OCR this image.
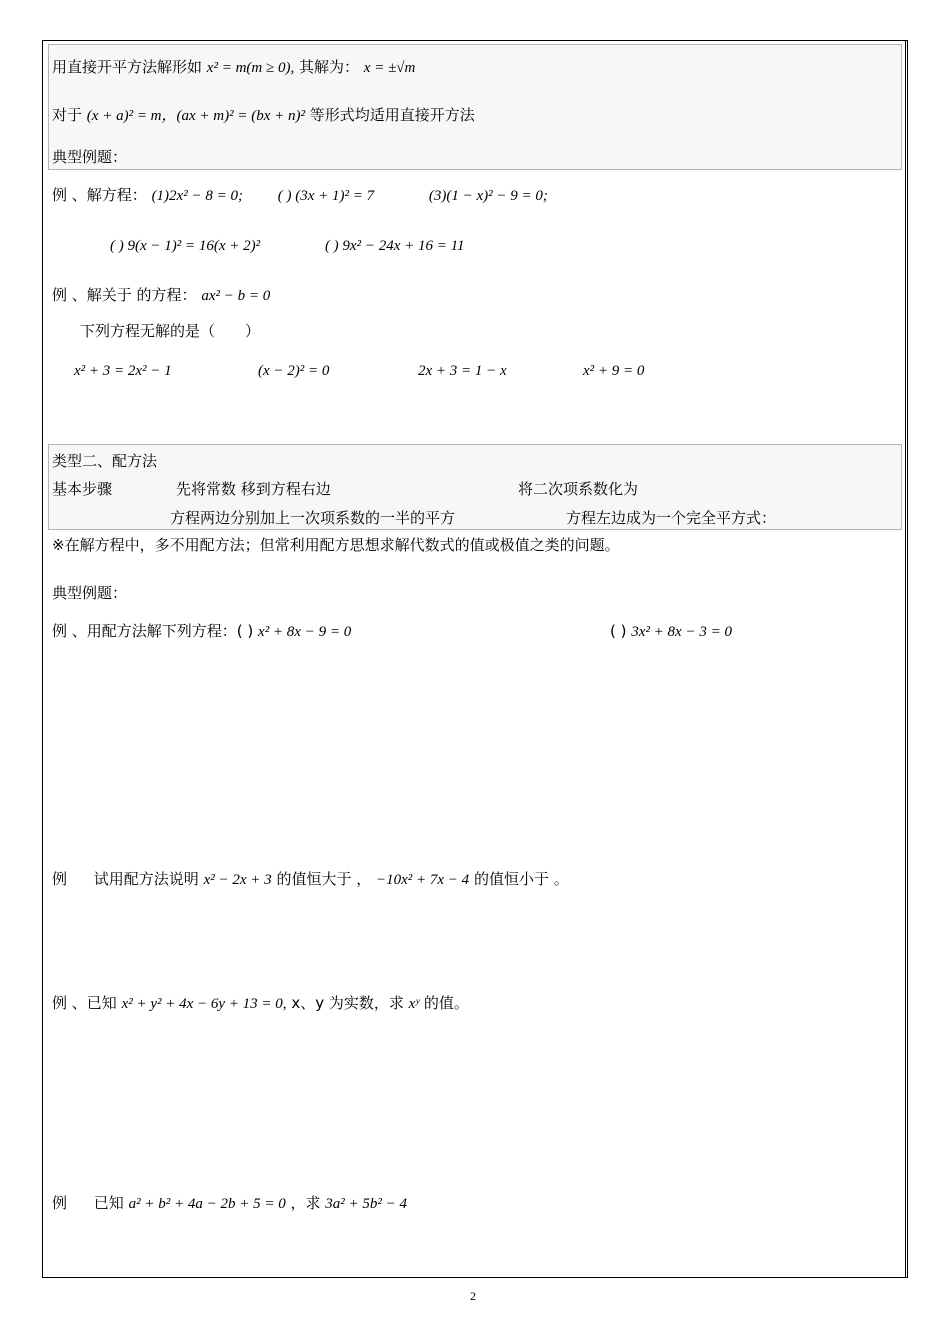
用直接开平方法解形如 x² = m(m ≥ 0), 其解为： x = ±√m
对于 (x + a)² = m，(ax + m)² = (bx + n)² 等形式均适用直接开方法
典型例题：
例 、解方程： (1)2x² − 8 = 0; ( ) (3x + 1)² = 7	(3)(1 − x)² − 9 = 0;
( ) 9(x − 1)² = 16(x + 2)²	( ) 9x² − 24x + 16 = 11
例 、解关于 的方程： ax² − b = 0
下列方程无解的是（　　）
x² + 3 = 2x² − 1	(x − 2)² = 0	2x + 3 = 1 − x	x² + 9 = 0
类型二、配方法
基本步骤	先将常数 移到方程右边	将二次项系数化为
方程两边分别加上一次项系数的一半的平方	方程左边成为一个完全平方式：
※在解方程中，多不用配方法；但常利用配方思想求解代数式的值或极值之类的问题。
典型例题：
例 、用配方法解下列方程：( ) x² + 8x − 9 = 0	( ) 3x² + 8x − 3 = 0
例 试用配方法说明 x² − 2x + 3 的值恒大于 ， −10x² + 7x − 4 的值恒小于 。
例 、已知 x² + y² + 4x − 6y + 13 = 0, x、y 为实数，求 xʸ 的值。
例 已知 a² + b² + 4a − 2b + 5 = 0 ，求 3a² + 5b² − 4
2
